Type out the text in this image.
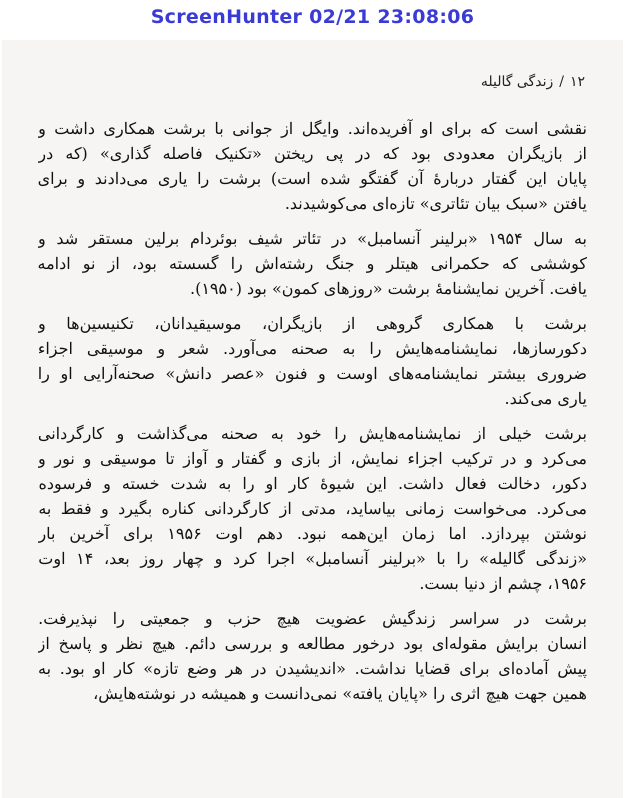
ScreenHunter 02/21 23:08:06
۱۲/زندگی گالیله
نقشی است که برای او آفریده‌اند. وایگل از جوانی با برشت همکاری داشت و
از بازیگران معدودی بود که در پی ریختن «تکنیک فاصله گذاری» (که در
پایان این گفتار دربارهٔ آن گفتگو شده است) برشت را یاری می‌دادند و برای
یافتن «سبک بیان تئاتری» تازه‌ای می‌کوشیدند.
به سال ۱۹۵۴ «برلینر آنسامبل» در تئاتر شیف بوئردام برلین مستقر شد و
کوششی که حکمرانی هیتلر و جنگ رشته‌اش را گسسته بود، از نو ادامه
یافت. آخرین نمایشنامهٔ برشت «روزهای کمون» بود (۱۹۵۰).
برشت با همکاری گروهی از بازیگران، موسیقیدانان، تکنیسین‌ها و
دکورسازها، نمایشنامه‌هایش را به صحنه می‌آورد. شعر و موسیقی اجزاء
ضروری بیشتر نمایشنامه‌های اوست و فنون «عصر دانش» صحنه‌آرایی او را
یاری می‌کند.
برشت خیلی از نمایشنامه‌هایش را خود به صحنه می‌گذاشت و کارگردانی
می‌کرد و در ترکیب اجزاء نمایش، از بازی و گفتار و آواز تا موسیقی و نور و
دکور، دخالت فعال داشت. این شیوهٔ کار او را به شدت خسته و فرسوده
می‌کرد. می‌خواست زمانی بیاساید، مدتی از کارگردانی کناره بگیرد و فقط به
نوشتن بپردازد. اما زمان این‌همه نبود. دهم اوت ۱۹۵۶ برای آخرین بار
«زندگی گالیله» را با «برلینر آنسامبل» اجرا کرد و چهار روز بعد، ۱۴ اوت
۱۹۵۶، چشم از دنیا بست.
برشت در سراسر زندگیش عضویت هیچ حزب و جمعیتی را نپذیرفت.
انسان برایش مقوله‌ای بود درخور مطالعه و بررسی دائم. هیچ نظر و پاسخ از
پیش آماده‌ای برای قضایا نداشت. «اندیشیدن در هر وضع تازه» کار او بود. به
همین جهت هیچ اثری را «پایان یافته» نمی‌دانست و همیشه در نوشته‌هایش،
